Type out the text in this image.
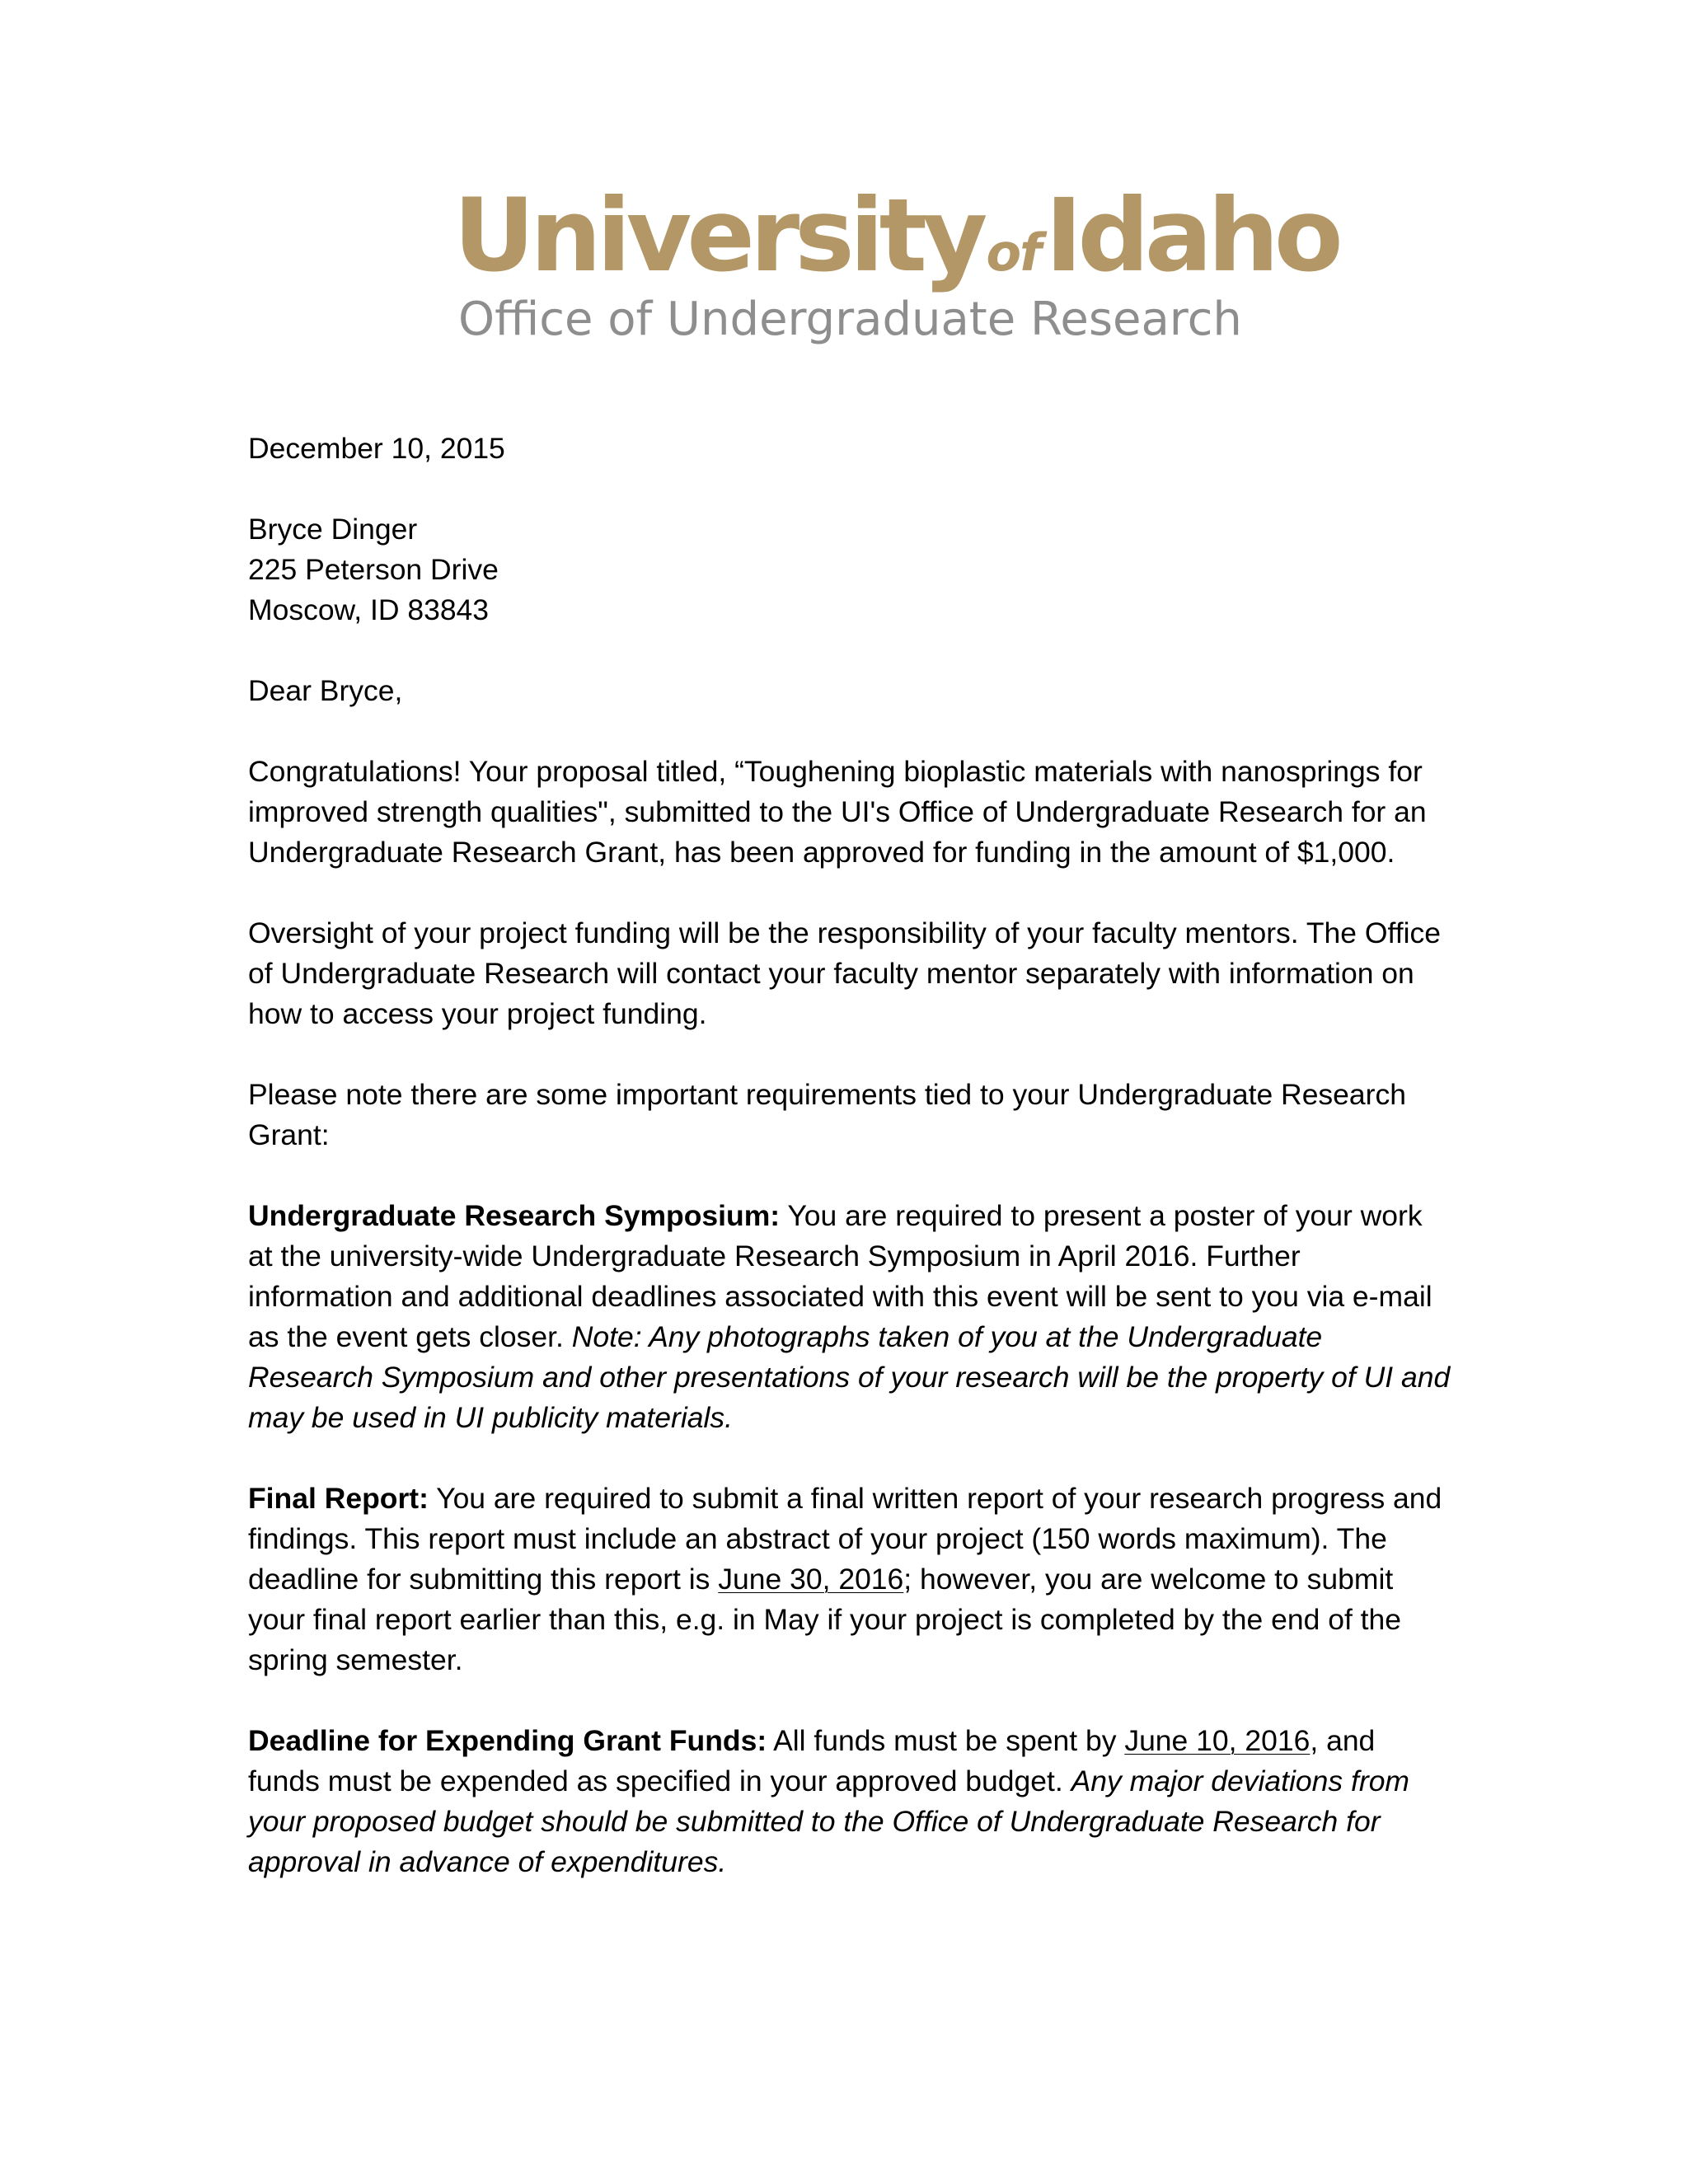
UniversityofIdaho
Office of Undergraduate Research

December 10, 2015

Bryce Dinger
225 Peterson Drive
Moscow, ID 83843

Dear Bryce,

Congratulations! Your proposal titled, “Toughening bioplastic materials with nanosprings for improved strength qualities", submitted to the UI's Office of Undergraduate Research for an Undergraduate Research Grant, has been approved for funding in the amount of $1,000.

Oversight of your project funding will be the responsibility of your faculty mentors. The Office of Undergraduate Research will contact your faculty mentor separately with information on how to access your project funding.

Please note there are some important requirements tied to your Undergraduate Research Grant:

Undergraduate Research Symposium: You are required to present a poster of your work at the university-wide Undergraduate Research Symposium in April 2016. Further information and additional deadlines associated with this event will be sent to you via e-mail as the event gets closer. Note: Any photographs taken of you at the Undergraduate Research Symposium and other presentations of your research will be the property of UI and may be used in UI publicity materials.

Final Report: You are required to submit a final written report of your research progress and findings. This report must include an abstract of your project (150 words maximum). The deadline for submitting this report is June 30, 2016; however, you are welcome to submit your final report earlier than this, e.g. in May if your project is completed by the end of the spring semester.

Deadline for Expending Grant Funds: All funds must be spent by June 10, 2016, and funds must be expended as specified in your approved budget. Any major deviations from your proposed budget should be submitted to the Office of Undergraduate Research for approval in advance of expenditures.
